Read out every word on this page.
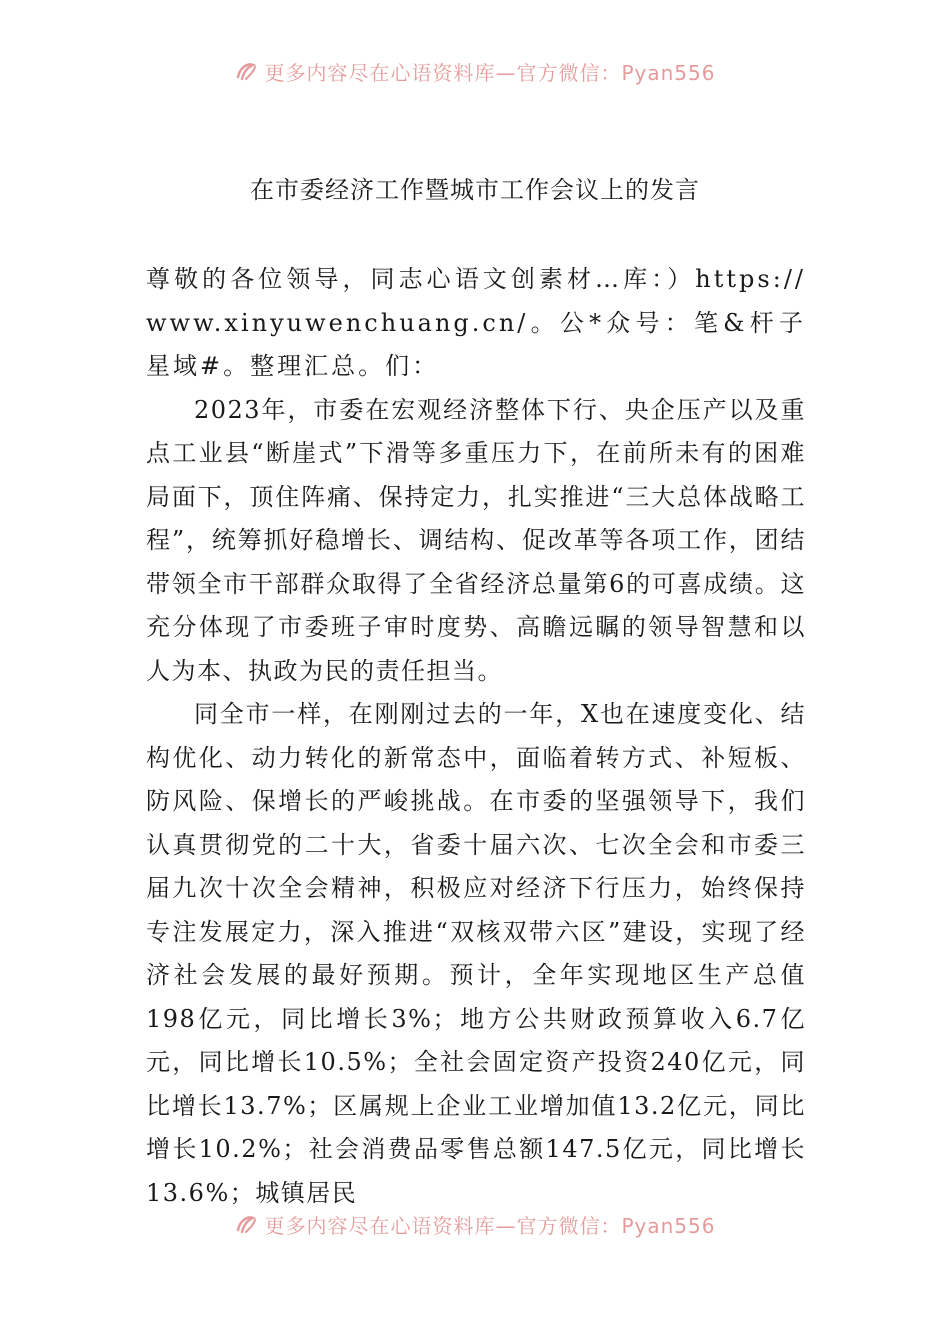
更多内容尽在心语资料库—官方微信：Pyan556
在市委经济工作暨城市工作会议上的发言

尊敬的各位领导，同志心语文创素材…库：）https://www.xinyuwenchuang.cn/。公*众号：笔&杆子星域#。整理汇总。们：

2023年，市委在宏观经济整体下行、央企压产以及重点工业县“断崖式”下滑等多重压力下，在前所未有的困难局面下，顶住阵痛、保持定力，扎实推进“三大总体战略工程”，统筹抓好稳增长、调结构、促改革等各项工作，团结带领全市干部群众取得了全省经济总量第6的可喜成绩。这充分体现了市委班子审时度势、高瞻远瞩的领导智慧和以人为本、执政为民的责任担当。

同全市一样，在刚刚过去的一年，X也在速度变化、结构优化、动力转化的新常态中，面临着转方式、补短板、防风险、保增长的严峻挑战。在市委的坚强领导下，我们认真贯彻党的二十大，省委十届六次、七次全会和市委三届九次十次全会精神，积极应对经济下行压力，始终保持专注发展定力，深入推进“双核双带六区”建设，实现了经济社会发展的最好预期。预计，全年实现地区生产总值198亿元，同比增长3%；地方公共财政预算收入6.7亿元，同比增长10.5%；全社会固定资产投资240亿元，同比增长13.7%；区属规上企业工业增加值13.2亿元，同比增长10.2%；社会消费品零售总额147.5亿元，同比增长13.6%；城镇居民

更多内容尽在心语资料库—官方微信：Pyan556
